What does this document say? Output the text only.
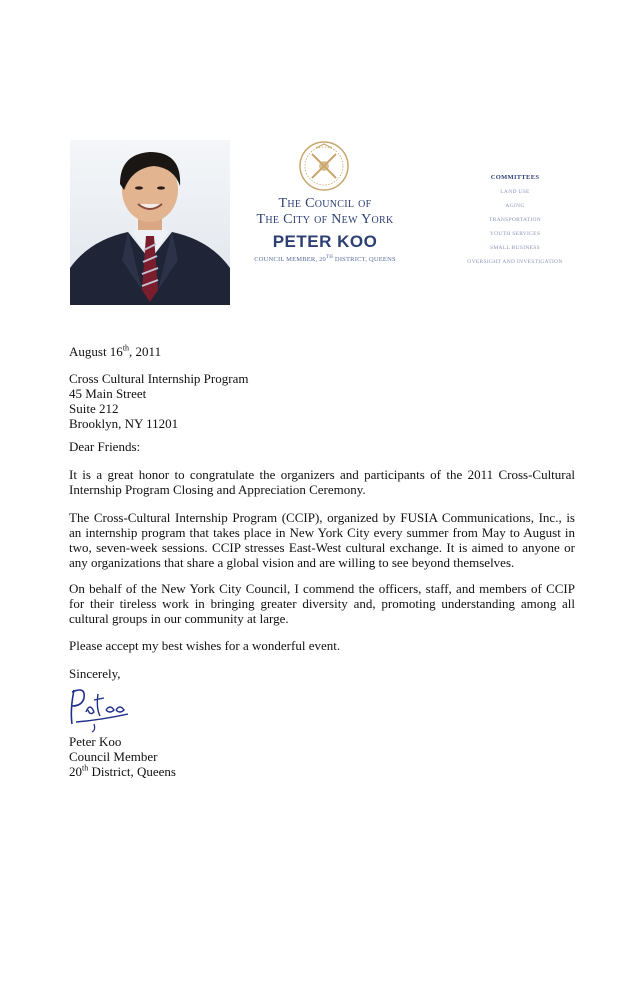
The Council of
The City of New York
PETER KOO
COUNCIL MEMBER, 20TH DISTRICT, QUEENS
COMMITTEES
LAND USE
AGING
TRANSPORTATION
YOUTH SERVICES
SMALL BUSINESS
OVERSIGHT AND INVESTIGATION
August 16th, 2011
Cross Cultural Internship Program
45 Main Street
Suite 212
Brooklyn, NY 11201
Dear Friends:
It is a great honor to congratulate the organizers and participants of the 2011 Cross-Cultural Internship Program Closing and Appreciation Ceremony.
The Cross-Cultural Internship Program (CCIP), organized by FUSIA Communications, Inc., is an internship program that takes place in New York City every summer from May to August in two, seven-week sessions. CCIP stresses East-West cultural exchange. It is aimed to anyone or any organizations that share a global vision and are willing to see beyond themselves.
On behalf of the New York City Council, I commend the officers, staff, and members of CCIP for their tireless work in bringing greater diversity and, promoting understanding among all cultural groups in our community at large.
Please accept my best wishes for a wonderful event.
Sincerely,
Peter Koo
Council Member
20th District, Queens
